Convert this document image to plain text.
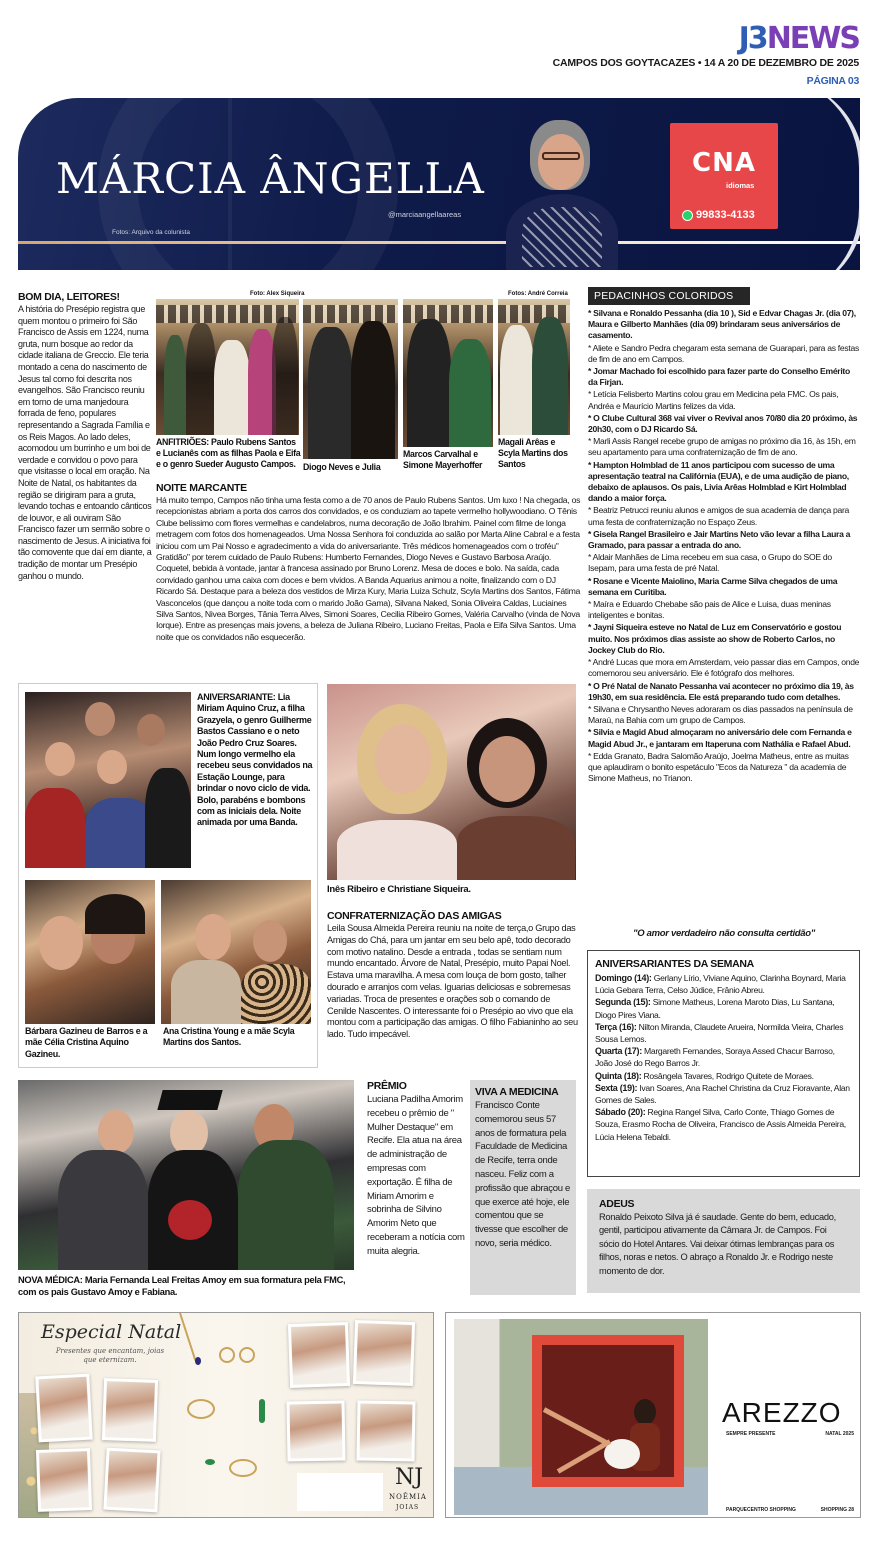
J3NEWS
CAMPOS DOS GOYTACAZES • 14 A 20 DE DEZEMBRO DE 2025
PÁGINA 03
MÁRCIA ÂNGELLA
@marciaangellaareas
Fotos: Arquivo da colunista
CNA
idiomas
99833-4133
BOM DIA, LEITORES!
A história do Presépio registra que quem montou o primeiro foi São Francisco de Assis em 1224, numa gruta, num bosque ao redor da cidade italiana de Greccio. Ele teria montado a cena do nascimento de Jesus tal como foi descrita nos evangelhos. São Francisco reuniu em torno de uma manjedoura forrada de feno, populares representando a Sagrada Família e os Reis Magos. Ao lado deles, acomodou um burrinho e um boi de verdade e convidou o povo para que visitasse o local em oração. Na Noite de Natal, os habitantes da região se dirigiram para a gruta, levando tochas e entoando cânticos de louvor, e ali ouviram São Francisco fazer um sermão sobre o nascimento de Jesus. A iniciativa foi tão comovente que daí em diante, a tradição de montar um Presépio ganhou o mundo.
Foto: Alex Siqueira	Fotos: André Correia
ANFITRIÕES: Paulo Rubens Santos e Lucianês com as filhas Paola e Eifa e o genro Sueder Augusto Campos. Diogo Neves e Julia
Marcos Carvalhal e Simone Mayerhoffer
Magali Arêas e Scyla Martins dos Santos
NOITE MARCANTE
Há muito tempo, Campos não tinha uma festa como a de 70 anos de Paulo Rubens Santos. Um luxo ! Na chegada, os recepcionistas abriam a porta dos carros dos convidados, e os conduziam ao tapete vermelho hollywoodiano. O Tênis Clube belíssimo com flores vermelhas e candelabros, numa decoração de João Ibrahim. Painel com filme de longa metragem com fotos dos homenageados. Uma Nossa Senhora foi conduzida ao salão por Marta Aline Cabral e a festa iniciou com um Pai Nosso e agradecimento a vida do aniversariante. Três médicos homenageados com o troféu" Gratidão" por terem cuidado de Paulo Rubens: Humberto Fernandes, Diogo Neves e Gustavo Barbosa Araújo. Coquetel, bebida à vontade, jantar à francesa assinado por Bruno Lorenz. Mesa de doces e bolo. Na saída, cada convidado ganhou uma caixa com doces e bem vividos. A Banda Aquarius animou a noite, finalizando com o DJ Ricardo Sá. Destaque para a beleza dos vestidos de Mirza Kury, Maria Luiza Schulz, Scyla Martins dos Santos, Fátima Vasconcelos (que dançou a noite toda com o marido João Gama), Silvana Naked, Sonia Oliveira Caldas, Luciaines Silva Santos, Nivea Borges, Tânia Terra Alves, Simoni Soares, Cecilia Ribeiro Gomes, Valéria Carvalho (vinda de Nova Iorque). Entre as presenças mais jovens, a beleza de Juliana Ribeiro, Luciano Freitas, Paola e Eifa Silva Santos. Uma noite que os convidados não esquecerão.
ANIVERSARIANTE: Lia Miriam Aquino Cruz, a filha Grazyela, o genro Guilherme Bastos Cassiano e o neto João Pedro Cruz Soares. Num longo vermelho ela recebeu seus convidados na Estação Lounge, para brindar o novo ciclo de vida. Bolo, parabéns e bombons com as iniciais dela. Noite animada por uma Banda.
Bárbara Gazineu de Barros e a mãe Célia Cristina Aquino Gazineu.
Ana Cristina Young e a mãe Scyla Martins dos Santos.
Inês Ribeiro e Christiane Siqueira.
CONFRATERNIZAÇÃO DAS AMIGAS
Leila Sousa Almeida Pereira reuniu na noite de terça,o Grupo das Amigas do Chá, para um jantar em seu belo apê, todo decorado com motivo natalino. Desde a entrada , todas se sentiam num mundo encantado. Árvore de Natal, Presépio, muito Papai Noel. Estava uma maravilha. A mesa com louça de bom gosto, talher dourado e arranjos com velas. Iguarias deliciosas e sobremesas variadas. Troca de presentes e orações sob o comando de Cenilde Nascentes. O interessante foi o Presépio ao vivo que ela montou com a participação das amigas. O filho Fabianinho ao seu lado. Tudo impecável.
NOVA MÉDICA: Maria Fernanda Leal Freitas Amoy em sua formatura pela FMC, com os pais Gustavo Amoy e Fabiana.
PRÊMIO
Luciana Padilha Amorim recebeu o prêmio de " Mulher Destaque" em Recife. Ela atua na área de administração de empresas com exportação. É filha de Miriam Amorim e sobrinha de Silvino Amorim Neto que receberam a notícia com muita alegria.
VIVA A MEDICINA
Francisco Conte comemorou seus 57 anos de formatura pela Faculdade de Medicina de Recife, terra onde nasceu. Feliz com a profissão que abraçou e que exerce até hoje, ele comentou que se tivesse que escolher de novo, seria médico.
PEDACINHOS COLORIDOS
* Silvana e Ronaldo Pessanha (dia 10 ), Sid e Edvar Chagas Jr. (dia 07), Maura e Gilberto Manhães (dia 09) brindaram seus aniversários de casamento.
* Aliete e Sandro Pedra chegaram esta semana de Guarapari, para as festas de fim de ano em Campos.
* Jomar Machado foi escolhido para fazer parte do Conselho Emérito da Firjan.
* Letícia Felisberto Martins colou grau em Medicina pela FMC. Os pais, Andréa e Maurício Martins felizes da vida.
* O Clube Cultural 368 vai viver o Revival anos 70/80 dia 20 próximo, às 20h30, com o DJ Ricardo Sá.
* Marli Assis Rangel recebe grupo de amigas no próximo dia 16, às 15h, em seu apartamento para uma confraternização de fim de ano.
* Hampton Holmblad de 11 anos participou com sucesso de uma apresentação teatral na Califórnia (EUA), e de uma audição de piano, debaixo de aplausos. Os pais, Livia Arêas Holmblad e Kirt Holmblad dando a maior força.
* Beatriz Petrucci reuniu alunos e amigos de sua academia de dança para uma festa de confraternização no Espaço Zeus.
* Gisela Rangel Brasileiro e Jair Martins Neto vão levar a filha Laura a Gramado, para passar a entrada do ano.
* Aldair Manhães de Lima recebeu em sua casa, o Grupo do SOE do Isepam, para uma festa de pré Natal.
* Rosane e Vicente Maiolino, Maria Carme Silva chegados de uma semana em Curitiba.
* Maíra e Eduardo Chebabe são pais de Alice e Luisa, duas meninas inteligentes e bonitas.
* Jayni Siqueira esteve no Natal de Luz em Conservatório e gostou muito. Nos próximos dias assiste ao show de Roberto Carlos, no Jockey Club do Rio.
* André Lucas que mora em Amsterdam, veio passar dias em Campos, onde comemorou seu aniversário. Ele é fotógrafo dos melhores.
* O Pré Natal de Nanato Pessanha vai acontecer no próximo dia 19, às 19h30, em sua residência. Ele está preparando tudo com detalhes.
* Silvana e Chrysantho Neves adoraram os dias passados na península de Maraú, na Bahia com um grupo de Campos.
* Silvia e Magid Abud almoçaram no aniversário dele com Fernanda e Magid Abud Jr., e jantaram em Itaperuna com Nathália e Rafael Abud.
* Edda Granato, Badra Salomão Araújo, Joelma Matheus, entre as muitas que aplaudiram o bonito espetáculo "Ecos da Natureza " da academia de Simone Matheus, no Trianon.
"O amor verdadeiro não consulta certidão"
ANIVERSARIANTES DA SEMANA
Domingo (14): Gerlany Lírio, Viviane Aquino, Clarinha Boynard, Maria Lúcia Gebara Terra, Celso Júdice, Frânio Abreu.
Segunda (15): Simone Matheus, Lorena Maroto Dias, Lu Santana, Diogo Pires Viana.
Terça (16): Nilton Miranda, Claudete Arueira, Normilda Vieira, Charles Sousa Lemos.
Quarta (17): Margareth Fernandes, Soraya Assed Chacur Barroso, João José do Rego Barros Jr.
Quinta (18): Rosângela Tavares, Rodrigo Quitete de Moraes.
Sexta (19): Ivan Soares, Ana Rachel Christina da Cruz Fioravante, Alan Gomes de Sales.
Sábado (20): Regina Rangel Silva, Carlo Conte, Thiago Gomes de Souza, Erasmo Rocha de Oliveira, Francisco de Assis Almeida Pereira, Lúcia Helena Tebaldi.
ADEUS
Ronaldo Peixoto Silva já é saudade. Gente do bem, educado, gentil, participou ativamente da Câmara Jr. de Campos. Foi sócio do Hotel Antares. Vai deixar ótimas lembranças para os filhos, noras e netos. O abraço a Ronaldo Jr. e Rodrigo neste momento de dor.
Especial Natal
Presentes que encantam, joias que eternizam.
NJ
NOÊMIA
JOIAS
AREZZO
SEMPRE PRESENTE	NATAL 2025
PARQUECENTRO SHOPPING	SHOPPING 28
